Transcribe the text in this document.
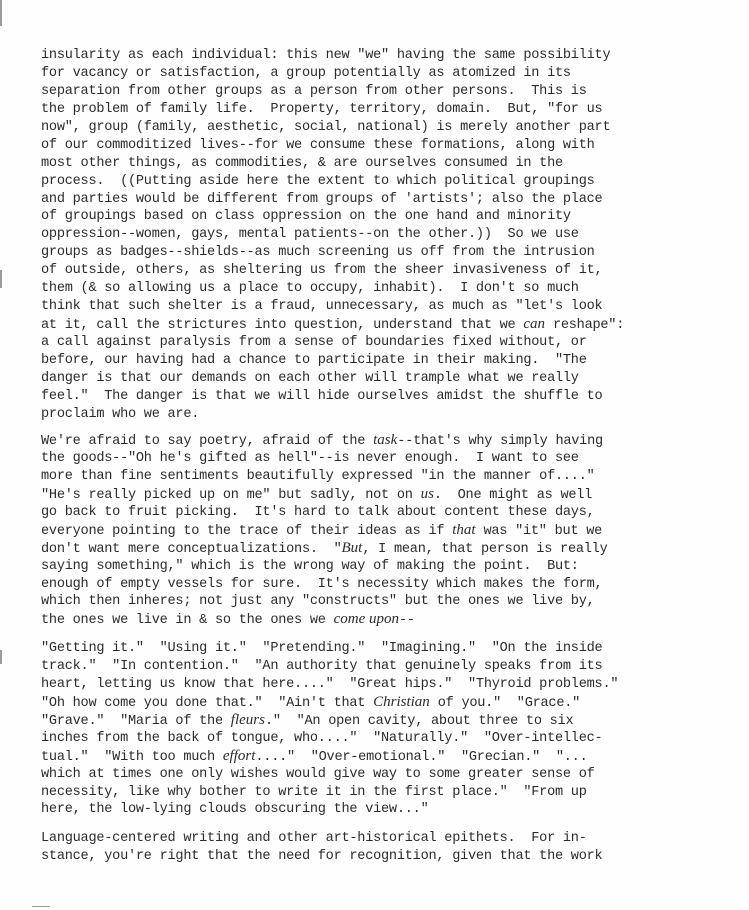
insularity as each individual: this new "we" having the same possibility
for vacancy or satisfaction, a group potentially as atomized in its
separation from other groups as a person from other persons.  This is
the problem of family life.  Property, territory, domain.  But, "for us
now", group (family, aesthetic, social, national) is merely another part
of our commoditized lives--for we consume these formations, along with
most other things, as commodities, & are ourselves consumed in the
process.  ((Putting aside here the extent to which political groupings
and parties would be different from groups of 'artists'; also the place
of groupings based on class oppression on the one hand and minority
oppression--women, gays, mental patients--on the other.))  So we use
groups as badges--shields--as much screening us off from the intrusion
of outside, others, as sheltering us from the sheer invasiveness of it,
them (& so allowing us a place to occupy, inhabit).  I don't so much
think that such shelter is a fraud, unnecessary, as much as "let's look
at it, call the strictures into question, understand that we can reshape":
a call against paralysis from a sense of boundaries fixed without, or
before, our having had a chance to participate in their making.  "The
danger is that our demands on each other will trample what we really
feel."  The danger is that we will hide ourselves amidst the shuffle to
proclaim who we are.
We're afraid to say poetry, afraid of the task--that's why simply having
the goods--"Oh he's gifted as hell"--is never enough.  I want to see
more than fine sentiments beautifully expressed "in the manner of...."
"He's really picked up on me" but sadly, not on us.  One might as well
go back to fruit picking.  It's hard to talk about content these days,
everyone pointing to the trace of their ideas as if that was "it" but we
don't want mere conceptualizations.  "But, I mean, that person is really
saying something," which is the wrong way of making the point.  But:
enough of empty vessels for sure.  It's necessity which makes the form,
which then inheres; not just any "constructs" but the ones we live by,
the ones we live in & so the ones we come upon--
"Getting it."  "Using it."  "Pretending."  "Imagining."  "On the inside
track."  "In contention."  "An authority that genuinely speaks from its
heart, letting us know that here...."  "Great hips."  "Thyroid problems."
"Oh how come you done that."  "Ain't that Christian of you."  "Grace."
"Grave."  "Maria of the fleurs."  "An open cavity, about three to six
inches from the back of tongue, who...."  "Naturally."  "Over-intellec-
tual."  "With too much effort...."  "Over-emotional."  "Grecian."  "...
which at times one only wishes would give way to some greater sense of
necessity, like why bother to write it in the first place."  "From up
here, the low-lying clouds obscuring the view..."
Language-centered writing and other art-historical epithets.  For in-
stance, you're right that the need for recognition, given that the work
